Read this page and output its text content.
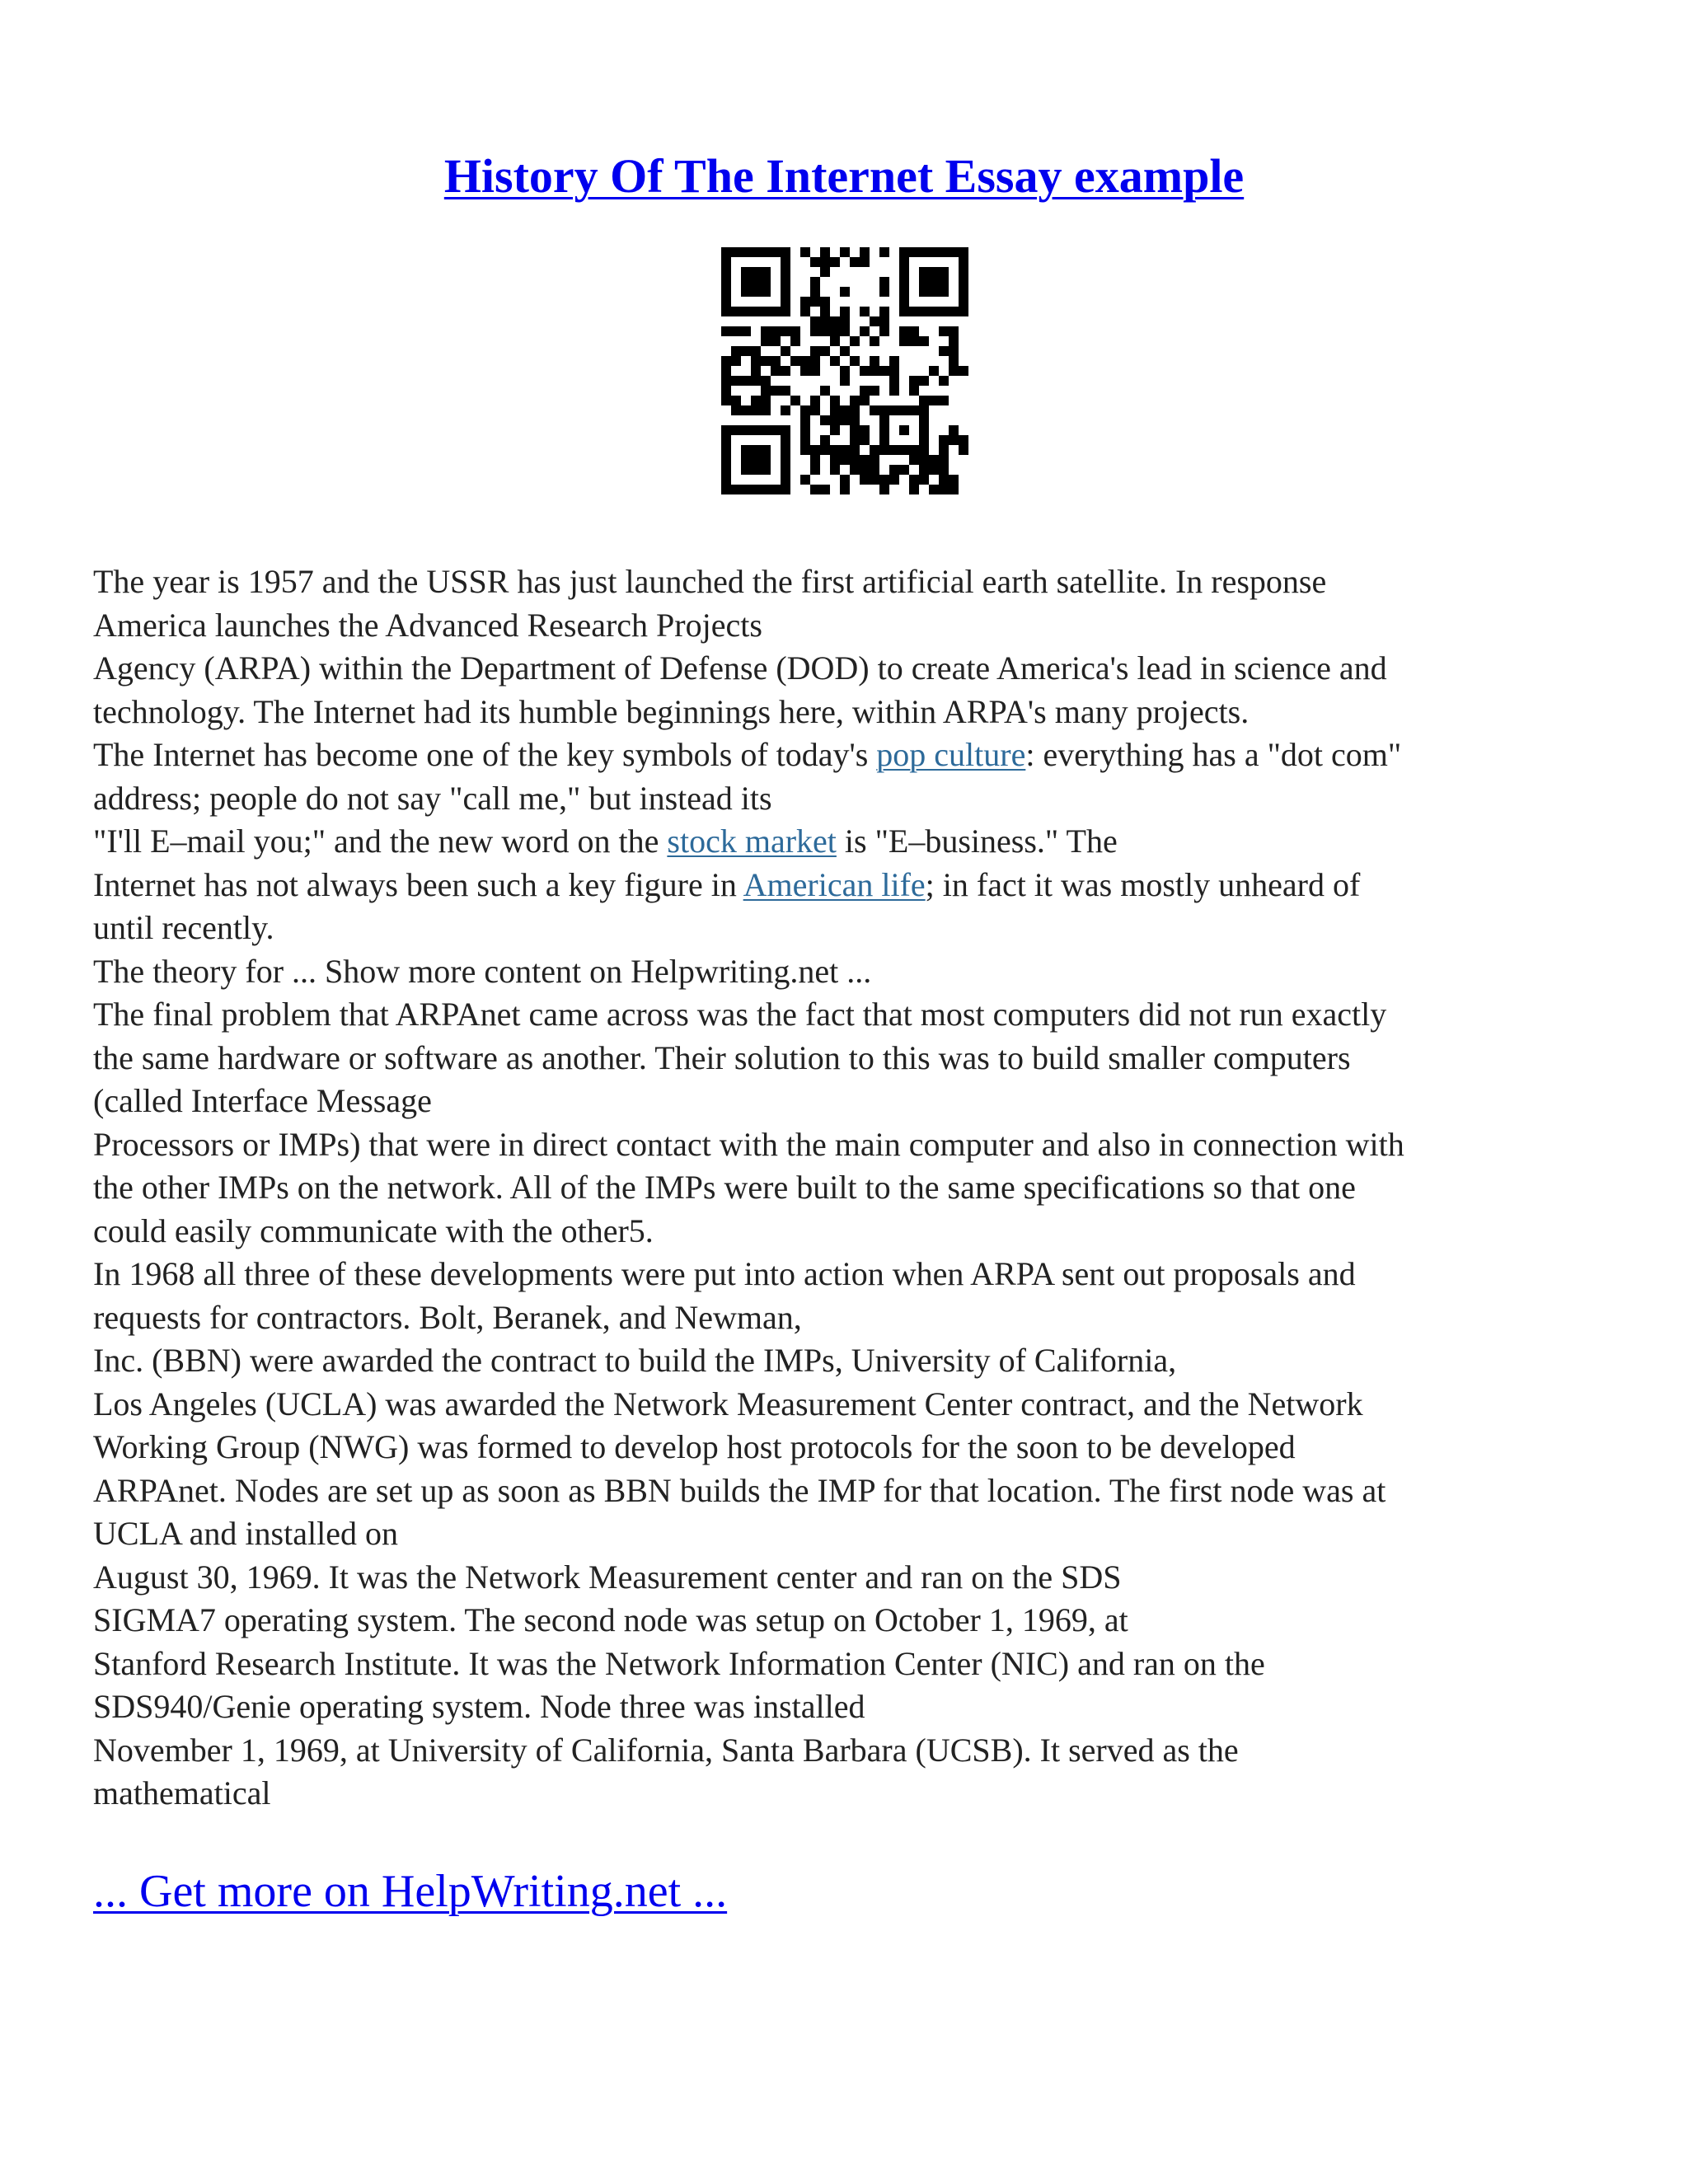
History Of The Internet Essay example
The year is 1957 and the USSR has just launched the first artificial earth satellite. In response
America launches the Advanced Research Projects
Agency (ARPA) within the Department of Defense (DOD) to create America's lead in science and
technology. The Internet had its humble beginnings here, within ARPA's many projects.
The Internet has become one of the key symbols of today's pop culture: everything has a "dot com"
address; people do not say "call me," but instead its
"I'll E–mail you;" and the new word on the stock market is "E–business." The
Internet has not always been such a key figure in American life; in fact it was mostly unheard of
until recently.
The theory for ... Show more content on Helpwriting.net ...
The final problem that ARPAnet came across was the fact that most computers did not run exactly
the same hardware or software as another. Their solution to this was to build smaller computers
(called Interface Message
Processors or IMPs) that were in direct contact with the main computer and also in connection with
the other IMPs on the network. All of the IMPs were built to the same specifications so that one
could easily communicate with the other5.
In 1968 all three of these developments were put into action when ARPA sent out proposals and
requests for contractors. Bolt, Beranek, and Newman,
Inc. (BBN) were awarded the contract to build the IMPs, University of California,
Los Angeles (UCLA) was awarded the Network Measurement Center contract, and the Network
Working Group (NWG) was formed to develop host protocols for the soon to be developed
ARPAnet. Nodes are set up as soon as BBN builds the IMP for that location. The first node was at
UCLA and installed on
August 30, 1969. It was the Network Measurement center and ran on the SDS
SIGMA7 operating system. The second node was setup on October 1, 1969, at
Stanford Research Institute. It was the Network Information Center (NIC) and ran on the
SDS940/Genie operating system. Node three was installed
November 1, 1969, at University of California, Santa Barbara (UCSB). It served as the
mathematical
... Get more on HelpWriting.net ...
